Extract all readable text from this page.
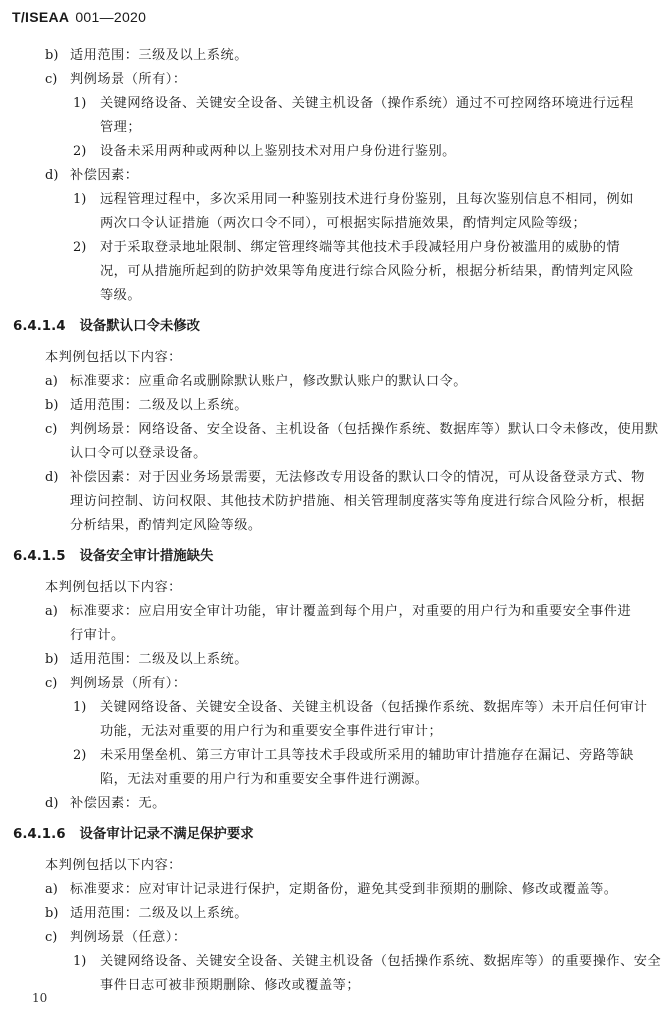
T/ISEAA 001—2020
b) 适用范围：三级及以上系统。
c) 判例场景（所有）：
1) 关键网络设备、关键安全设备、关键主机设备（操作系统）通过不可控网络环境进行远程
管理；
2) 设备未采用两种或两种以上鉴别技术对用户身份进行鉴别。
d) 补偿因素：
1) 远程管理过程中，多次采用同一种鉴别技术进行身份鉴别，且每次鉴别信息不相同，例如
两次口令认证措施（两次口令不同），可根据实际措施效果，酌情判定风险等级；
2) 对于采取登录地址限制、绑定管理终端等其他技术手段减轻用户身份被滥用的威胁的情
况，可从措施所起到的防护效果等角度进行综合风险分析，根据分析结果，酌情判定风险
等级。
6.4.1.4 设备默认口令未修改
本判例包括以下内容：
a) 标准要求：应重命名或删除默认账户，修改默认账户的默认口令。
b) 适用范围：二级及以上系统。
c) 判例场景：网络设备、安全设备、主机设备（包括操作系统、数据库等）默认口令未修改，使用默
认口令可以登录设备。
d) 补偿因素：对于因业务场景需要，无法修改专用设备的默认口令的情况，可从设备登录方式、物
理访问控制、访问权限、其他技术防护措施、相关管理制度落实等角度进行综合风险分析，根据
分析结果，酌情判定风险等级。
6.4.1.5 设备安全审计措施缺失
本判例包括以下内容：
a) 标准要求：应启用安全审计功能，审计覆盖到每个用户，对重要的用户行为和重要安全事件进
行审计。
b) 适用范围：二级及以上系统。
c) 判例场景（所有）：
1) 关键网络设备、关键安全设备、关键主机设备（包括操作系统、数据库等）未开启任何审计
功能，无法对重要的用户行为和重要安全事件进行审计；
2) 未采用堡垒机、第三方审计工具等技术手段或所采用的辅助审计措施存在漏记、旁路等缺
陷，无法对重要的用户行为和重要安全事件进行溯源。
d) 补偿因素：无。
6.4.1.6 设备审计记录不满足保护要求
本判例包括以下内容：
a) 标准要求：应对审计记录进行保护，定期备份，避免其受到非预期的删除、修改或覆盖等。
b) 适用范围：二级及以上系统。
c) 判例场景（任意）：
1) 关键网络设备、关键安全设备、关键主机设备（包括操作系统、数据库等）的重要操作、安全
事件日志可被非预期删除、修改或覆盖等；
10
